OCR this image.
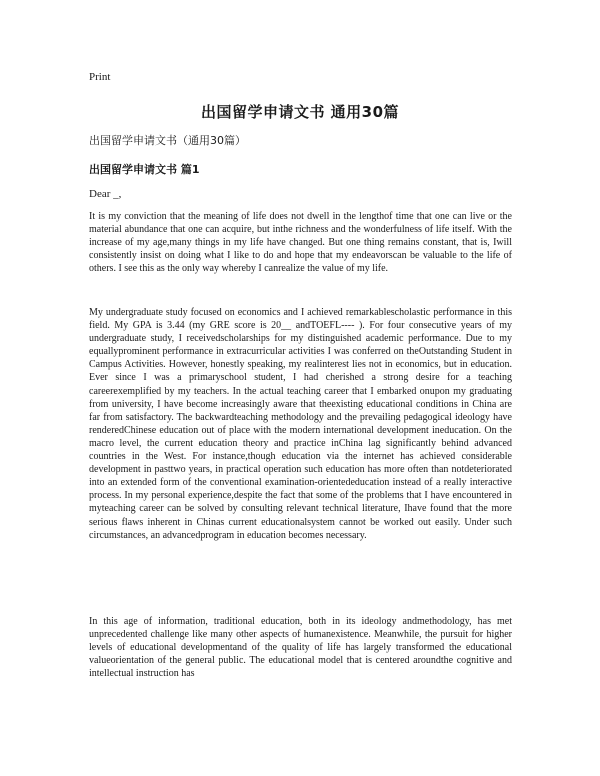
Print
出国留学申请文书 通用30篇
出国留学申请文书（通用30篇）
出国留学申请文书 篇1
Dear _,

It is my conviction that the meaning of life does not dwell in the lengthof time that one can live or the material abundance that one can acquire, but inthe richness and the wonderfulness of life itself. With the increase of my age,many things in my life have changed. But one thing remains constant, that is, Iwill consistently insist on doing what I like to do and hope that my endeavorscan be valuable to the life of others. I see this as the only way whereby I canrealize the value of my life.

My undergraduate study focused on economics and I achieved remarkablescholastic performance in this field. My GPA is 3.44 (my GRE score is 20__ andTOEFL---- ). For four consecutive years of my undergraduate study, I receivedscholarships for my distinguished academic performance. Due to my equallyprominent performance in extracurricular activities I was conferred on theOutstanding Student in Campus Activities. However, honestly speaking, my realinterest lies not in economics, but in education. Ever since I was a primaryschool student, I had cherished a strong desire for a teaching careerexemplified by my teachers. In the actual teaching career that I embarked onupon my graduating from university, I have become increasingly aware that theexisting educational conditions in China are far from satisfactory. The backwardteaching methodology and the prevailing pedagogical ideology have renderedChinese education out of place with the modern international development ineducation. On the macro level, the current education theory and practice inChina lag significantly behind advanced countries in the West. For instance,though education via the internet has achieved considerable development in pasttwo years, in practical operation such education has more often than notdeteriorated into an extended form of the conventional examination-orientededucation instead of a really interactive process. In my personal experience,despite the fact that some of the problems that I have encountered in myteaching career can be solved by consulting relevant technical literature, Ihave found that the more serious flaws inherent in Chinas current educationalsystem cannot be worked out easily. Under such circumstances, an advancedprogram in education becomes necessary.

In this age of information, traditional education, both in its ideology andmethodology, has met unprecedented challenge like many other aspects of humanexistence. Meanwhile, the pursuit for higher levels of educational developmentand of the quality of life has largely transformed the educational valueorientation of the general public. The educational model that is centered aroundthe cognitive and intellectual instruction has
